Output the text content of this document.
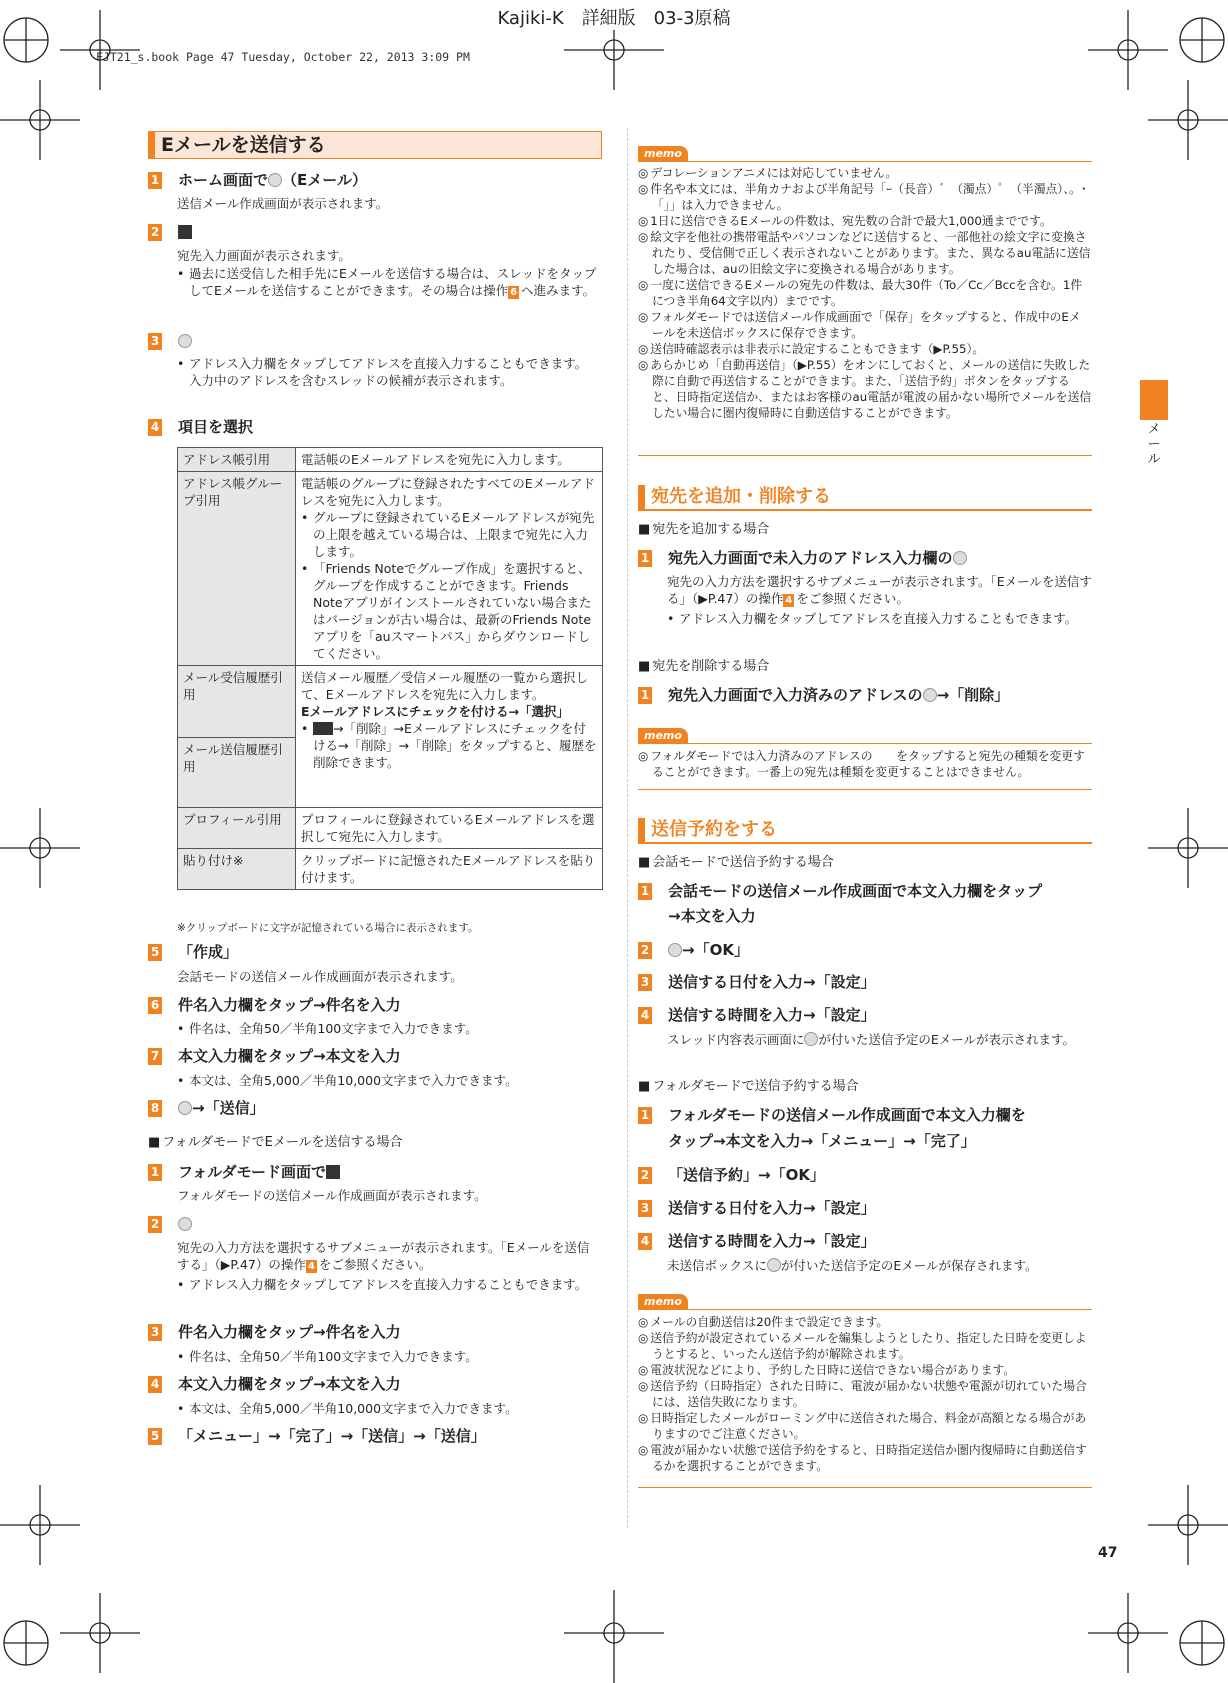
Kajiki-K　詳細版　03-3原稿
FJT21_s.book Page 47 Tuesday, October 22, 2013 3:09 PM
メール
47
Eメールを送信する
1 ホーム画面で （Eメール）
送信メール作成画面が表示されます。
2
宛先入力画面が表示されます。
• 過去に送受信した相手先にEメールを送信する場合は、スレッドをタップしてEメールを送信することができます。その場合は操作 6 へ進みます。
3
• アドレス入力欄をタップしてアドレスを直接入力することもできます。
入力中のアドレスを含むスレッドの候補が表示されます。
4 項目を選択
アドレス帳引用	電話帳のEメールアドレスを宛先に入力します。
アドレス帳グループ引用	電話帳のグループに登録されたすべてのEメールアドレスを宛先に入力します。
• グループに登録されているEメールアドレスが宛先の上限を越えている場合は、上限まで宛先に入力します。
• 「Friends Noteでグループ作成」を選択すると、グループを作成することができます。Friends Noteアプリがインストールされていない場合またはバージョンが古い場合は、最新のFriends Noteアプリを「auスマートパス」からダウンロードしてください。

メール受信履歴引用	送信メール履歴／受信メール履歴の一覧から選択して、Eメールアドレスを宛先に入力します。
Eメールアドレスにチェックを付ける→「選択」
• →「削除」→Eメールアドレスにチェックを付ける→「削除」→「削除」をタップすると、履歴を削除できます。

メール送信履歴引用	
プロフィール引用	プロフィールに登録されているEメールアドレスを選択して宛先に入力します。
貼り付け※	クリップボードに記憶されたEメールアドレスを貼り付けます。
※クリップボードに文字が記憶されている場合に表示されます。
5 「作成」
会話モードの送信メール作成画面が表示されます。
6 件名入力欄をタップ→件名を入力
• 件名は、全角50／半角100文字まで入力できます。
7 本文入力欄をタップ→本文を入力
• 本文は、全角5,000／半角10,000文字まで入力できます。
8 →「送信」
■ フォルダモードでEメールを送信する場合
1 フォルダモード画面で
フォルダモードの送信メール作成画面が表示されます。
2
宛先の入力方法を選択するサブメニューが表示されます。「Eメールを送信する」（▶P.47）の操作 4 をご参照ください。
• アドレス入力欄をタップしてアドレスを直接入力することもできます。
3 件名入力欄をタップ→件名を入力
• 件名は、全角50／半角100文字まで入力できます。
4 本文入力欄をタップ→本文を入力
• 本文は、全角5,000／半角10,000文字まで入力できます。
5 「メニュー」→「完了」→「送信」→「送信」
memo

◎ デコレーションアニメには対応していません。

◎ 件名や本文には、半角カナおよび半角記号「ｰ（長音）゛（濁点）゜（半濁点）、。･「」」は入力できません。

◎ 1日に送信できるEメールの件数は、宛先数の合計で最大1,000通までです。

◎ 絵文字を他社の携帯電話やパソコンなどに送信すると、一部他社の絵文字に変換されたり、受信側で正しく表示されないことがあります。また、異なるau電話に送信した場合は、auの旧絵文字に変換される場合があります。

◎ 一度に送信できるEメールの宛先の件数は、最大30件（To／Cc／Bccを含む。1件につき半角64文字以内）までです。

◎ フォルダモードでは送信メール作成画面で「保存」をタップすると、作成中のEメールを未送信ボックスに保存できます。

◎ 送信時確認表示は非表示に設定することもできます（▶P.55）。

◎ あらかじめ「自動再送信」（▶P.55）をオンにしておくと、メールの送信に失敗した際に自動で再送信することができます。また、「送信予約」ボタンをタップすると、日時指定送信か、またはお客様のau電話が電波の届かない場所でメールを送信したい場合に圏内復帰時に自動送信することができます。

宛先を追加・削除する
■ 宛先を追加する場合
1 宛先入力画面で未入力のアドレス入力欄の
宛先の入力方法を選択するサブメニューが表示されます。「Eメールを送信する」（▶P.47）の操作 4 をご参照ください。
• アドレス入力欄をタップしてアドレスを直接入力することもできます。
■ 宛先を削除する場合
1 宛先入力画面で入力済みのアドレスの →「削除」
memo

◎ フォルダモードでは入力済みのアドレスの　　をタップすると宛先の種類を変更することができます。一番上の宛先は種類を変更することはできません。

送信予約をする
■ 会話モードで送信予約する場合
1 会話モードの送信メール作成画面で本文入力欄をタップ
→本文を入力
2 →「OK」
3 送信する日付を入力→「設定」
4 送信する時間を入力→「設定」
スレッド内容表示画面に が付いた送信予定のEメールが表示されます。
■ フォルダモードで送信予約する場合
1 フォルダモードの送信メール作成画面で本文入力欄を
タップ→本文を入力→「メニュー」→「完了」
2 「送信予約」→「OK」
3 送信する日付を入力→「設定」
4 送信する時間を入力→「設定」
未送信ボックスに が付いた送信予定のEメールが保存されます。
memo

◎ メールの自動送信は20件まで設定できます。

◎ 送信予約が設定されているメールを編集しようとしたり、指定した日時を変更しようとすると、いったん送信予約が解除されます。

◎ 電波状況などにより、予約した日時に送信できない場合があります。

◎ 送信予約（日時指定）された日時に、電波が届かない状態や電源が切れていた場合には、送信失敗になります。

◎ 日時指定したメールがローミング中に送信された場合、料金が高額となる場合がありますのでご注意ください。

◎ 電波が届かない状態で送信予約をすると、日時指定送信か圏内復帰時に自動送信するかを選択することができます。
